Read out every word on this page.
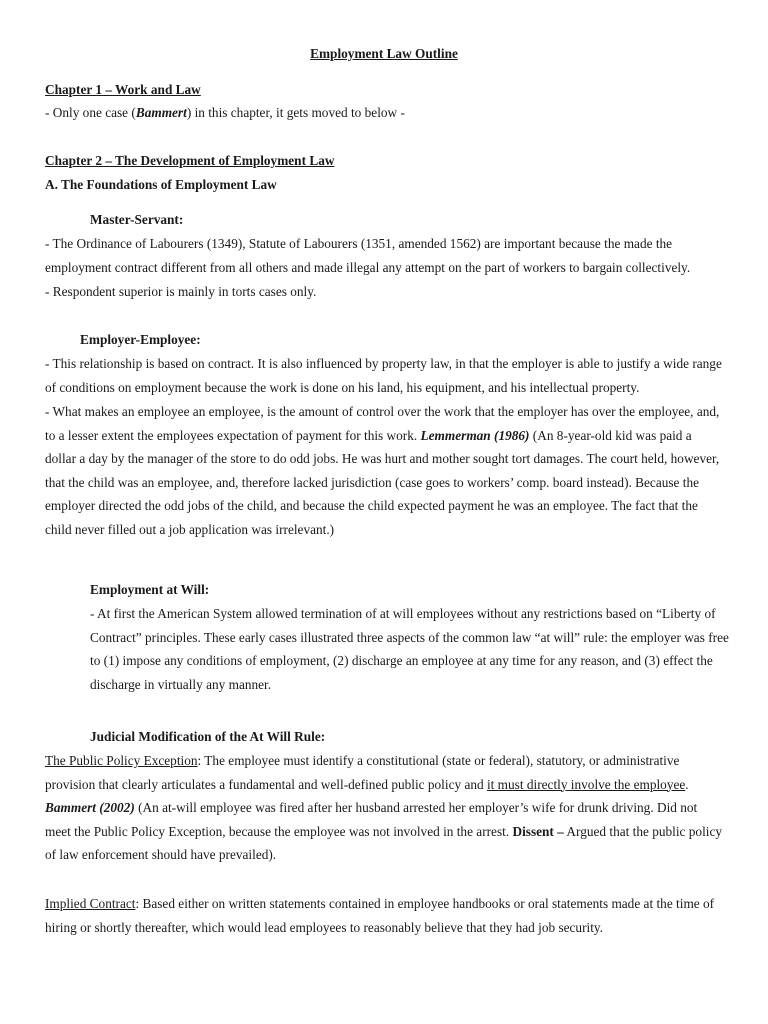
Employment Law Outline
Chapter 1 – Work and Law
- Only one case (Bammert) in this chapter, it gets moved to below -
Chapter 2 – The Development of Employment Law
A. The Foundations of Employment Law
Master-Servant:
- The Ordinance of Labourers (1349), Statute of Labourers (1351, amended 1562) are important because the made the employment contract different from all others and made illegal any attempt on the part of workers to bargain collectively.
- Respondent superior is mainly in torts cases only.
Employer-Employee:
- This relationship is based on contract. It is also influenced by property law, in that the employer is able to justify a wide range of conditions on employment because the work is done on his land, his equipment, and his intellectual property.
- What makes an employee an employee, is the amount of control over the work that the employer has over the employee, and, to a lesser extent the employees expectation of payment for this work. Lemmerman (1986) (An 8-year-old kid was paid a dollar a day by the manager of the store to do odd jobs. He was hurt and mother sought tort damages. The court held, however, that the child was an employee, and, therefore lacked jurisdiction (case goes to workers’ comp. board instead). Because the employer directed the odd jobs of the child, and because the child expected payment he was an employee. The fact that the child never filled out a job application was irrelevant.)
Employment at Will:
- At first the American System allowed termination of at will employees without any restrictions based on “Liberty of Contract” principles. These early cases illustrated three aspects of the common law “at will” rule: the employer was free to (1) impose any conditions of employment, (2) discharge an employee at any time for any reason, and (3) effect the discharge in virtually any manner.
Judicial Modification of the At Will Rule:
The Public Policy Exception: The employee must identify a constitutional (state or federal), statutory, or administrative provision that clearly articulates a fundamental and well-defined public policy and it must directly involve the employee. Bammert (2002) (An at-will employee was fired after her husband arrested her employer’s wife for drunk driving. Did not meet the Public Policy Exception, because the employee was not involved in the arrest. Dissent – Argued that the public policy of law enforcement should have prevailed).
Implied Contract: Based either on written statements contained in employee handbooks or oral statements made at the time of hiring or shortly thereafter, which would lead employees to reasonably believe that they had job security.
